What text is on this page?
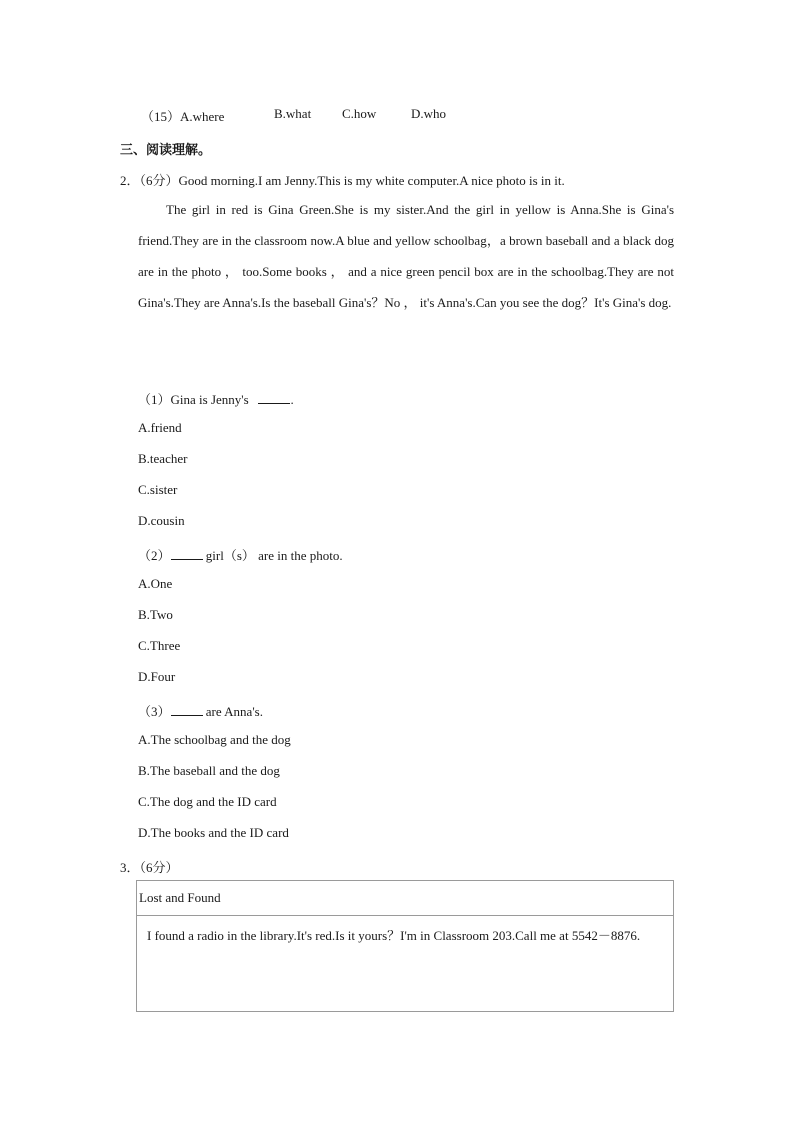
（15）A.where	B.what C.how	D.who
三、阅读理解。
2．（6分）Good morning.I am Jenny.This is my white computer.A nice photo is in it.

The girl in red is Gina Green.She is my sister.And the girl in yellow is Anna.She is Gina's friend.They are in the classroom now.A blue and yellow schoolbag，a brown baseball and a black dog are in the photo ， too.Some books ， and a nice green pencil box are in the schoolbag.They are not Gina's.They are Anna's.Is the baseball Gina's？No ， it's Anna's.Can you see the dog？It's Gina's dog.

（1）Gina is Jenny's	.
A.friend
B.teacher
C.sister
D.cousin
（2）	girl（s） are in the photo.
A.One
B.Two
C.Three
D.Four
（3）	are Anna's.
A.The schoolbag and the dog
B.The baseball and the dog
C.The dog and the ID card
D.The books and the ID card
3．（6分）
Lost and Found
I found a radio in the library.It's red.Is it yours？I'm in Classroom 203.Call me at 5542－8876.
